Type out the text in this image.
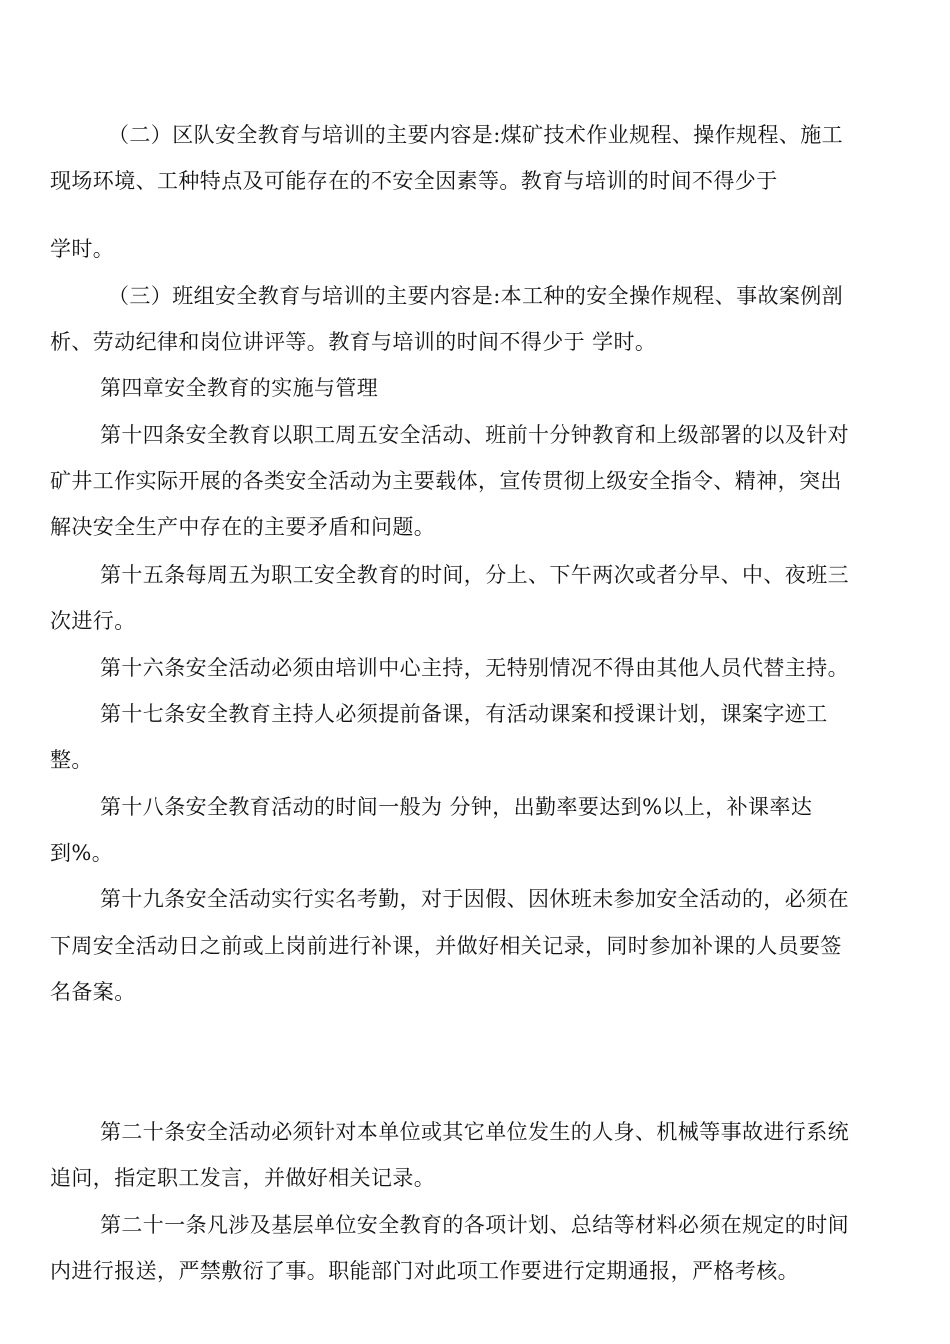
（二）区队安全教育与培训的主要内容是:煤矿技术作业规程、操作规程、施工
现场环境、工种特点及可能存在的不安全因素等。教育与培训的时间不得少于
学时。
（三）班组安全教育与培训的主要内容是:本工种的安全操作规程、事故案例剖
析、劳动纪律和岗位讲评等。教育与培训的时间不得少于 学时。
第四章安全教育的实施与管理
第十四条安全教育以职工周五安全活动、班前十分钟教育和上级部署的以及针对
矿井工作实际开展的各类安全活动为主要载体，宣传贯彻上级安全指令、精神，突出
解决安全生产中存在的主要矛盾和问题。
第十五条每周五为职工安全教育的时间，分上、下午两次或者分早、中、夜班三
次进行。
第十六条安全活动必须由培训中心主持，无特别情况不得由其他人员代替主持。
第十七条安全教育主持人必须提前备课，有活动课案和授课计划，课案字迹工
整。
第十八条安全教育活动的时间一般为 分钟，出勤率要达到%以上，补课率达
到%。
第十九条安全活动实行实名考勤，对于因假、因休班未参加安全活动的，必须在
下周安全活动日之前或上岗前进行补课，并做好相关记录，同时参加补课的人员要签
名备案。
第二十条安全活动必须针对本单位或其它单位发生的人身、机械等事故进行系统
追问，指定职工发言，并做好相关记录。
第二十一条凡涉及基层单位安全教育的各项计划、总结等材料必须在规定的时间
内进行报送，严禁敷衍了事。职能部门对此项工作要进行定期通报，严格考核。
